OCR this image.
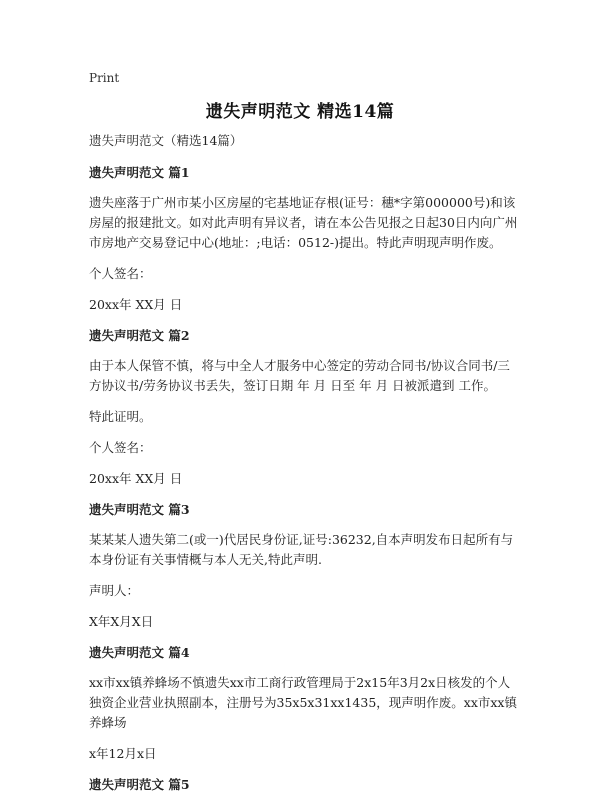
Print
遗失声明范文 精选14篇

遗失声明范文（精选14篇）

遗失声明范文 篇1

遗失座落于广州市某小区房屋的宅基地证存根(证号：穗*字第000000号)和该房屋的报建批文。如对此声明有异议者，请在本公告见报之日起30日内向广州市房地产交易登记中心(地址：;电话：0512-)提出。特此声明现声明作废。

个人签名：

20xx年 XX月 日

遗失声明范文 篇2

由于本人保管不慎，将与中全人才服务中心签定的劳动合同书/协议合同书/三方协议书/劳务协议书丢失，签订日期 年 月 日至 年 月 日被派遣到 工作。

特此证明。

个人签名：

20xx年 XX月 日

遗失声明范文 篇3

某某某人遗失第二(或一)代居民身份证,证号:36232,自本声明发布日起所有与本身份证有关事情概与本人无关,特此声明.

声明人：

X年X月X日

遗失声明范文 篇4

xx市xx镇养蜂场不慎遗失xx市工商行政管理局于2x15年3月2x日核发的个人独资企业营业执照副本，注册号为35x5x31xx1435，现声明作废。xx市xx镇养蜂场

x年12月x日

遗失声明范文 篇5
